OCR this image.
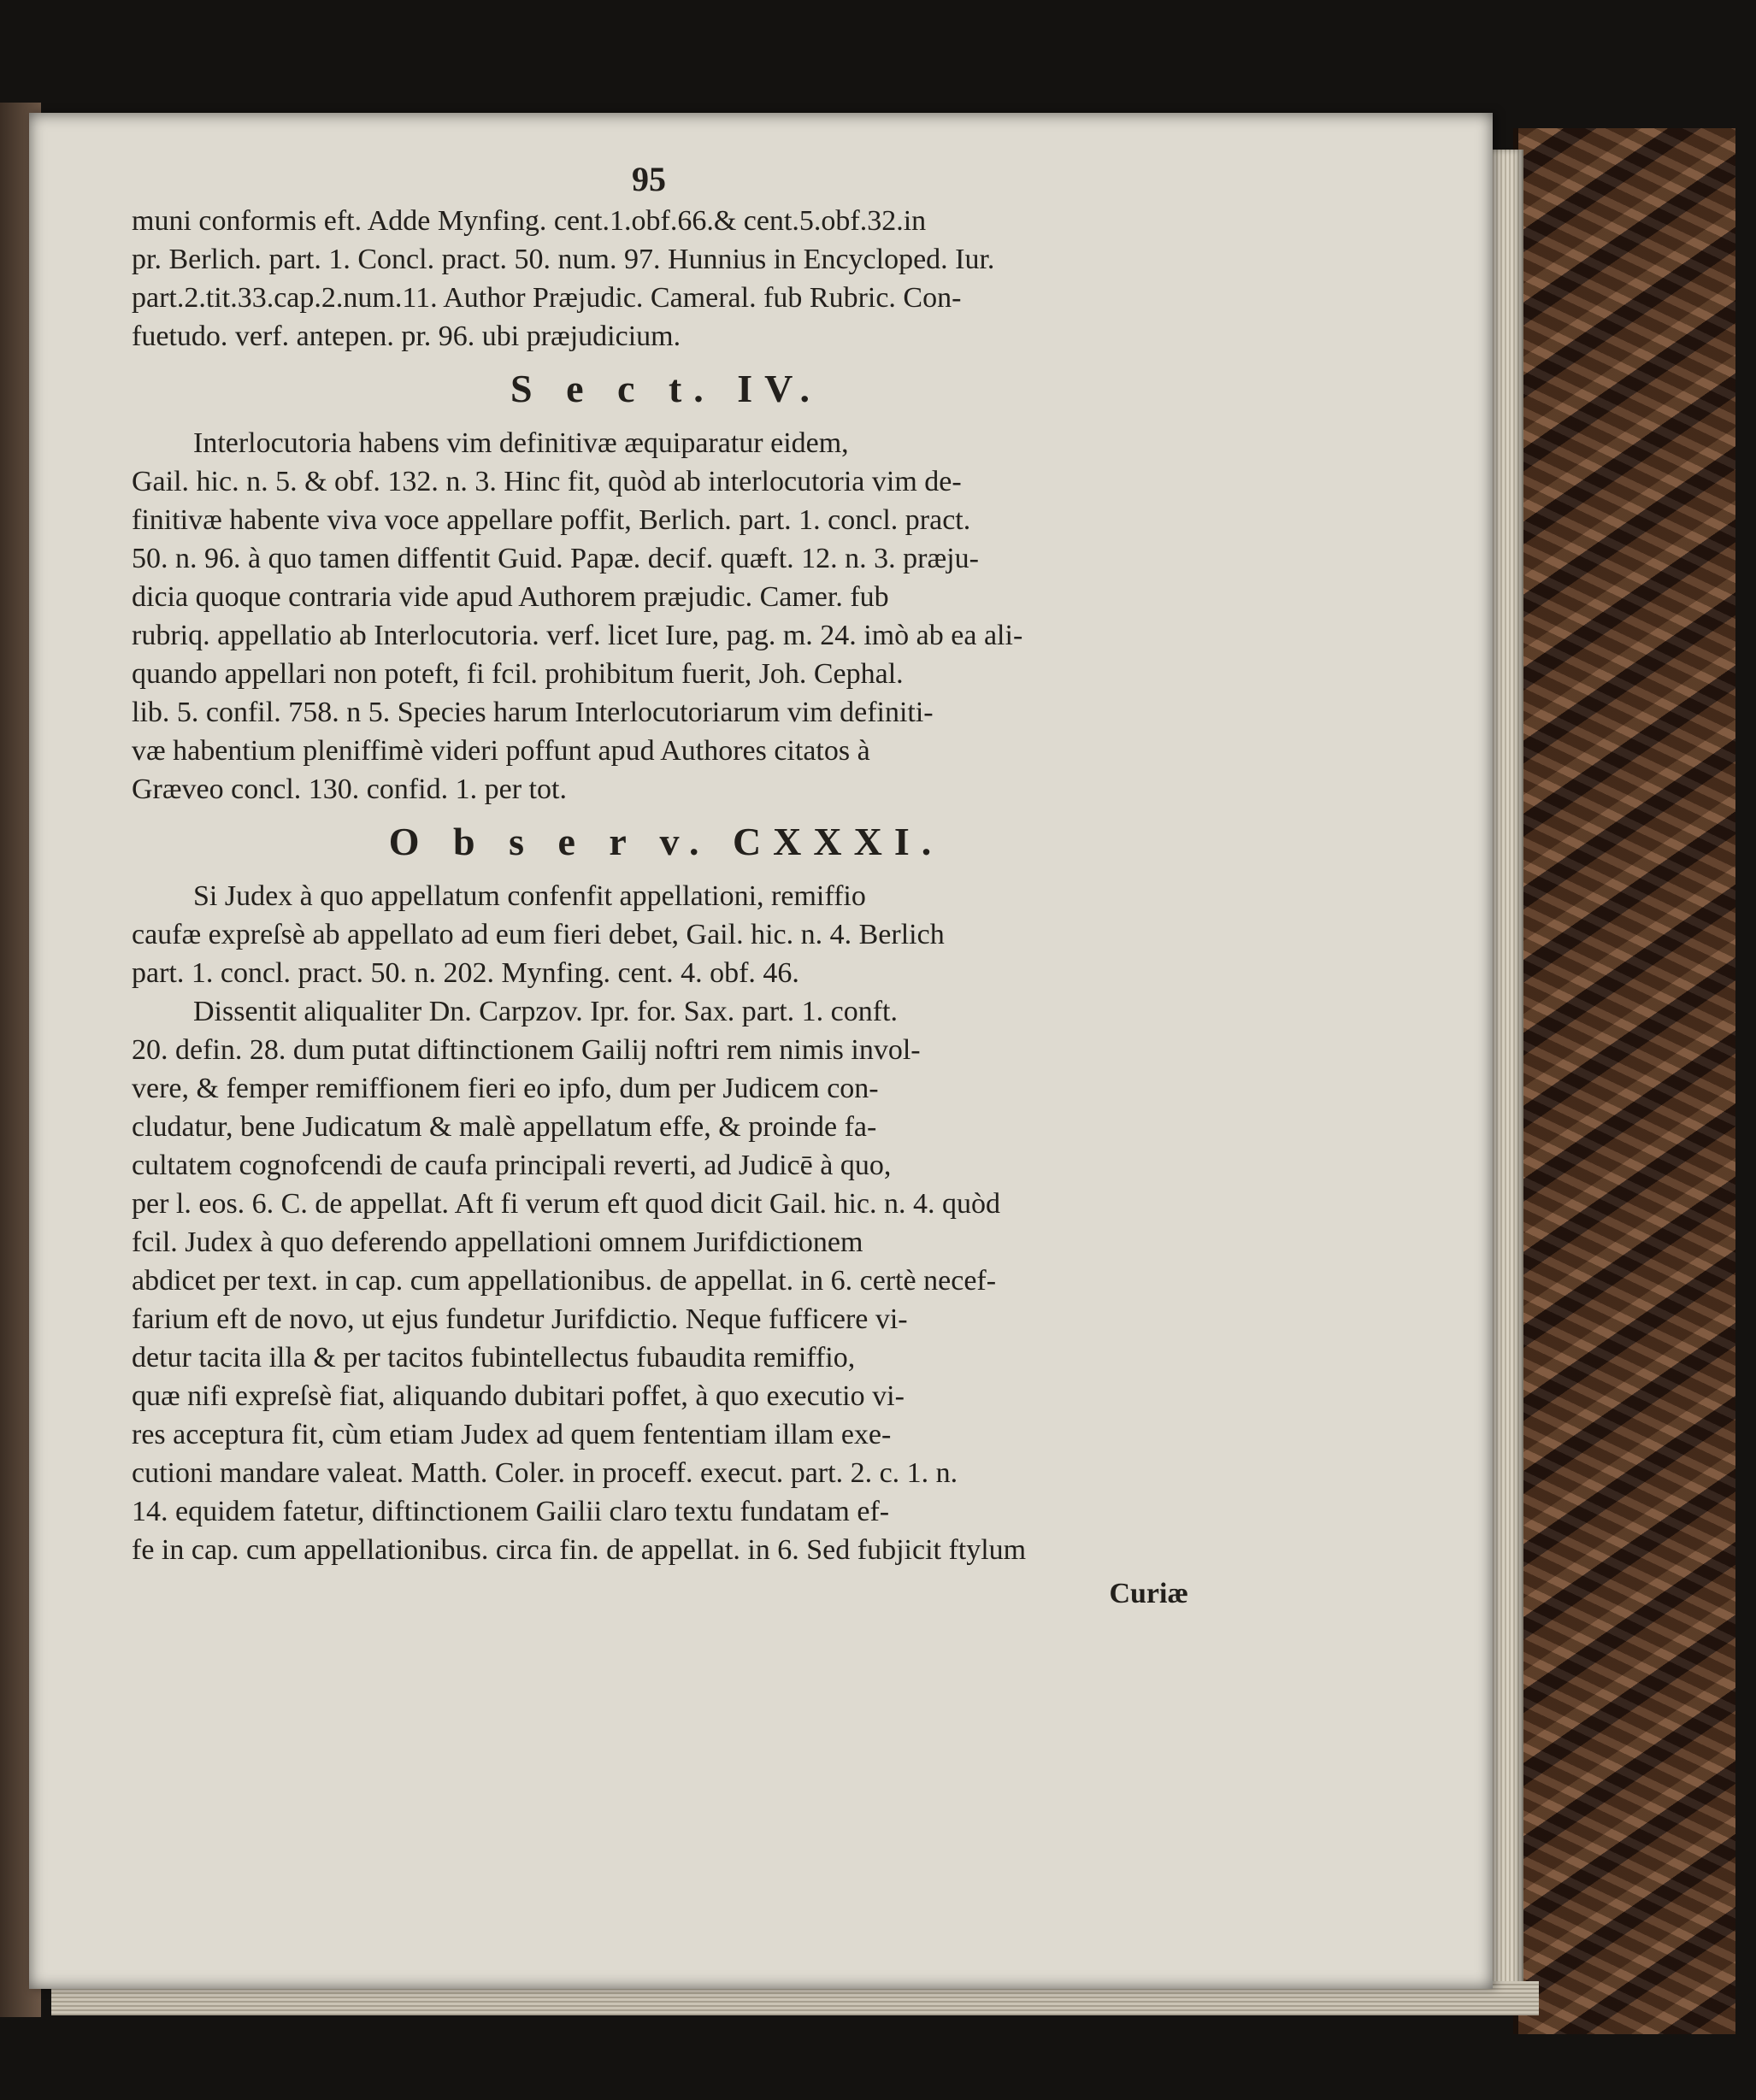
95

muni conformis eft. Adde Mynfing. cent.1.obf.66.& cent.5.obf.32.in
pr. Berlich. part. 1. Concl. pract. 50. num. 97. Hunnius in Encycloped. Iur.
part.2.tit.33.cap.2.num.11. Author Præjudic. Cameral. fub Rubric. Con-
fuetudo. verf. antepen. pr. 96. ubi præjudicium.

S e c t. IV.

Interlocutoria habens vim definitivæ æquiparatur eidem,
Gail. hic. n. 5. & obf. 132. n. 3. Hinc fit, quòd ab interlocutoria vim de-
finitivæ habente viva voce appellare poffit, Berlich. part. 1. concl. pract.
50. n. 96. à quo tamen diffentit Guid. Papæ. decif. quæft. 12. n. 3. præju-
dicia quoque contraria vide apud Authorem præjudic. Camer. fub
rubriq. appellatio ab Interlocutoria. verf. licet Iure, pag. m. 24. imò ab ea ali-
quando appellari non poteft, fi fcil. prohibitum fuerit, Joh. Cephal.
lib. 5. confil. 758. n 5. Species harum Interlocutoriarum vim definiti-
væ habentium pleniffimè videri poffunt apud Authores citatos à
Græveo concl. 130. confid. 1. per tot.

O b s e r v. CXXXI.

Si Judex à quo appellatum confenfit appellationi, remiffio
caufæ expreſsè ab appellato ad eum fieri debet, Gail. hic. n. 4. Berlich
part. 1. concl. pract. 50. n. 202. Mynfing. cent. 4. obf. 46.

Dissentit aliqualiter Dn. Carpzov. Ipr. for. Sax. part. 1. conft.
20. defin. 28. dum putat diftinctionem Gailij noftri rem nimis invol-
vere, & femper remiffionem fieri eo ipfo, dum per Judicem con-
cludatur, bene Judicatum & malè appellatum effe, & proinde fa-
cultatem cognofcendi de caufa principali reverti, ad Judicē à quo,
per l. eos. 6. C. de appellat. Aft fi verum eft quod dicit Gail. hic. n. 4. quòd
fcil. Judex à quo deferendo appellationi omnem Jurifdictionem
abdicet per text. in cap. cum appellationibus. de appellat. in 6. certè necef-
farium eft de novo, ut ejus fundetur Jurifdictio. Neque fufficere vi-
detur tacita illa & per tacitos fubintellectus fubaudita remiffio,
quæ nifi expreſsè fiat, aliquando dubitari poffet, à quo executio vi-
res acceptura fit, cùm etiam Judex ad quem fententiam illam exe-
cutioni mandare valeat. Matth. Coler. in proceff. execut. part. 2. c. 1. n.
14. equidem fatetur, diftinctionem Gailii claro textu fundatam ef-
fe in cap. cum appellationibus. circa fin. de appellat. in 6. Sed fubjicit ftylum

Curiæ
